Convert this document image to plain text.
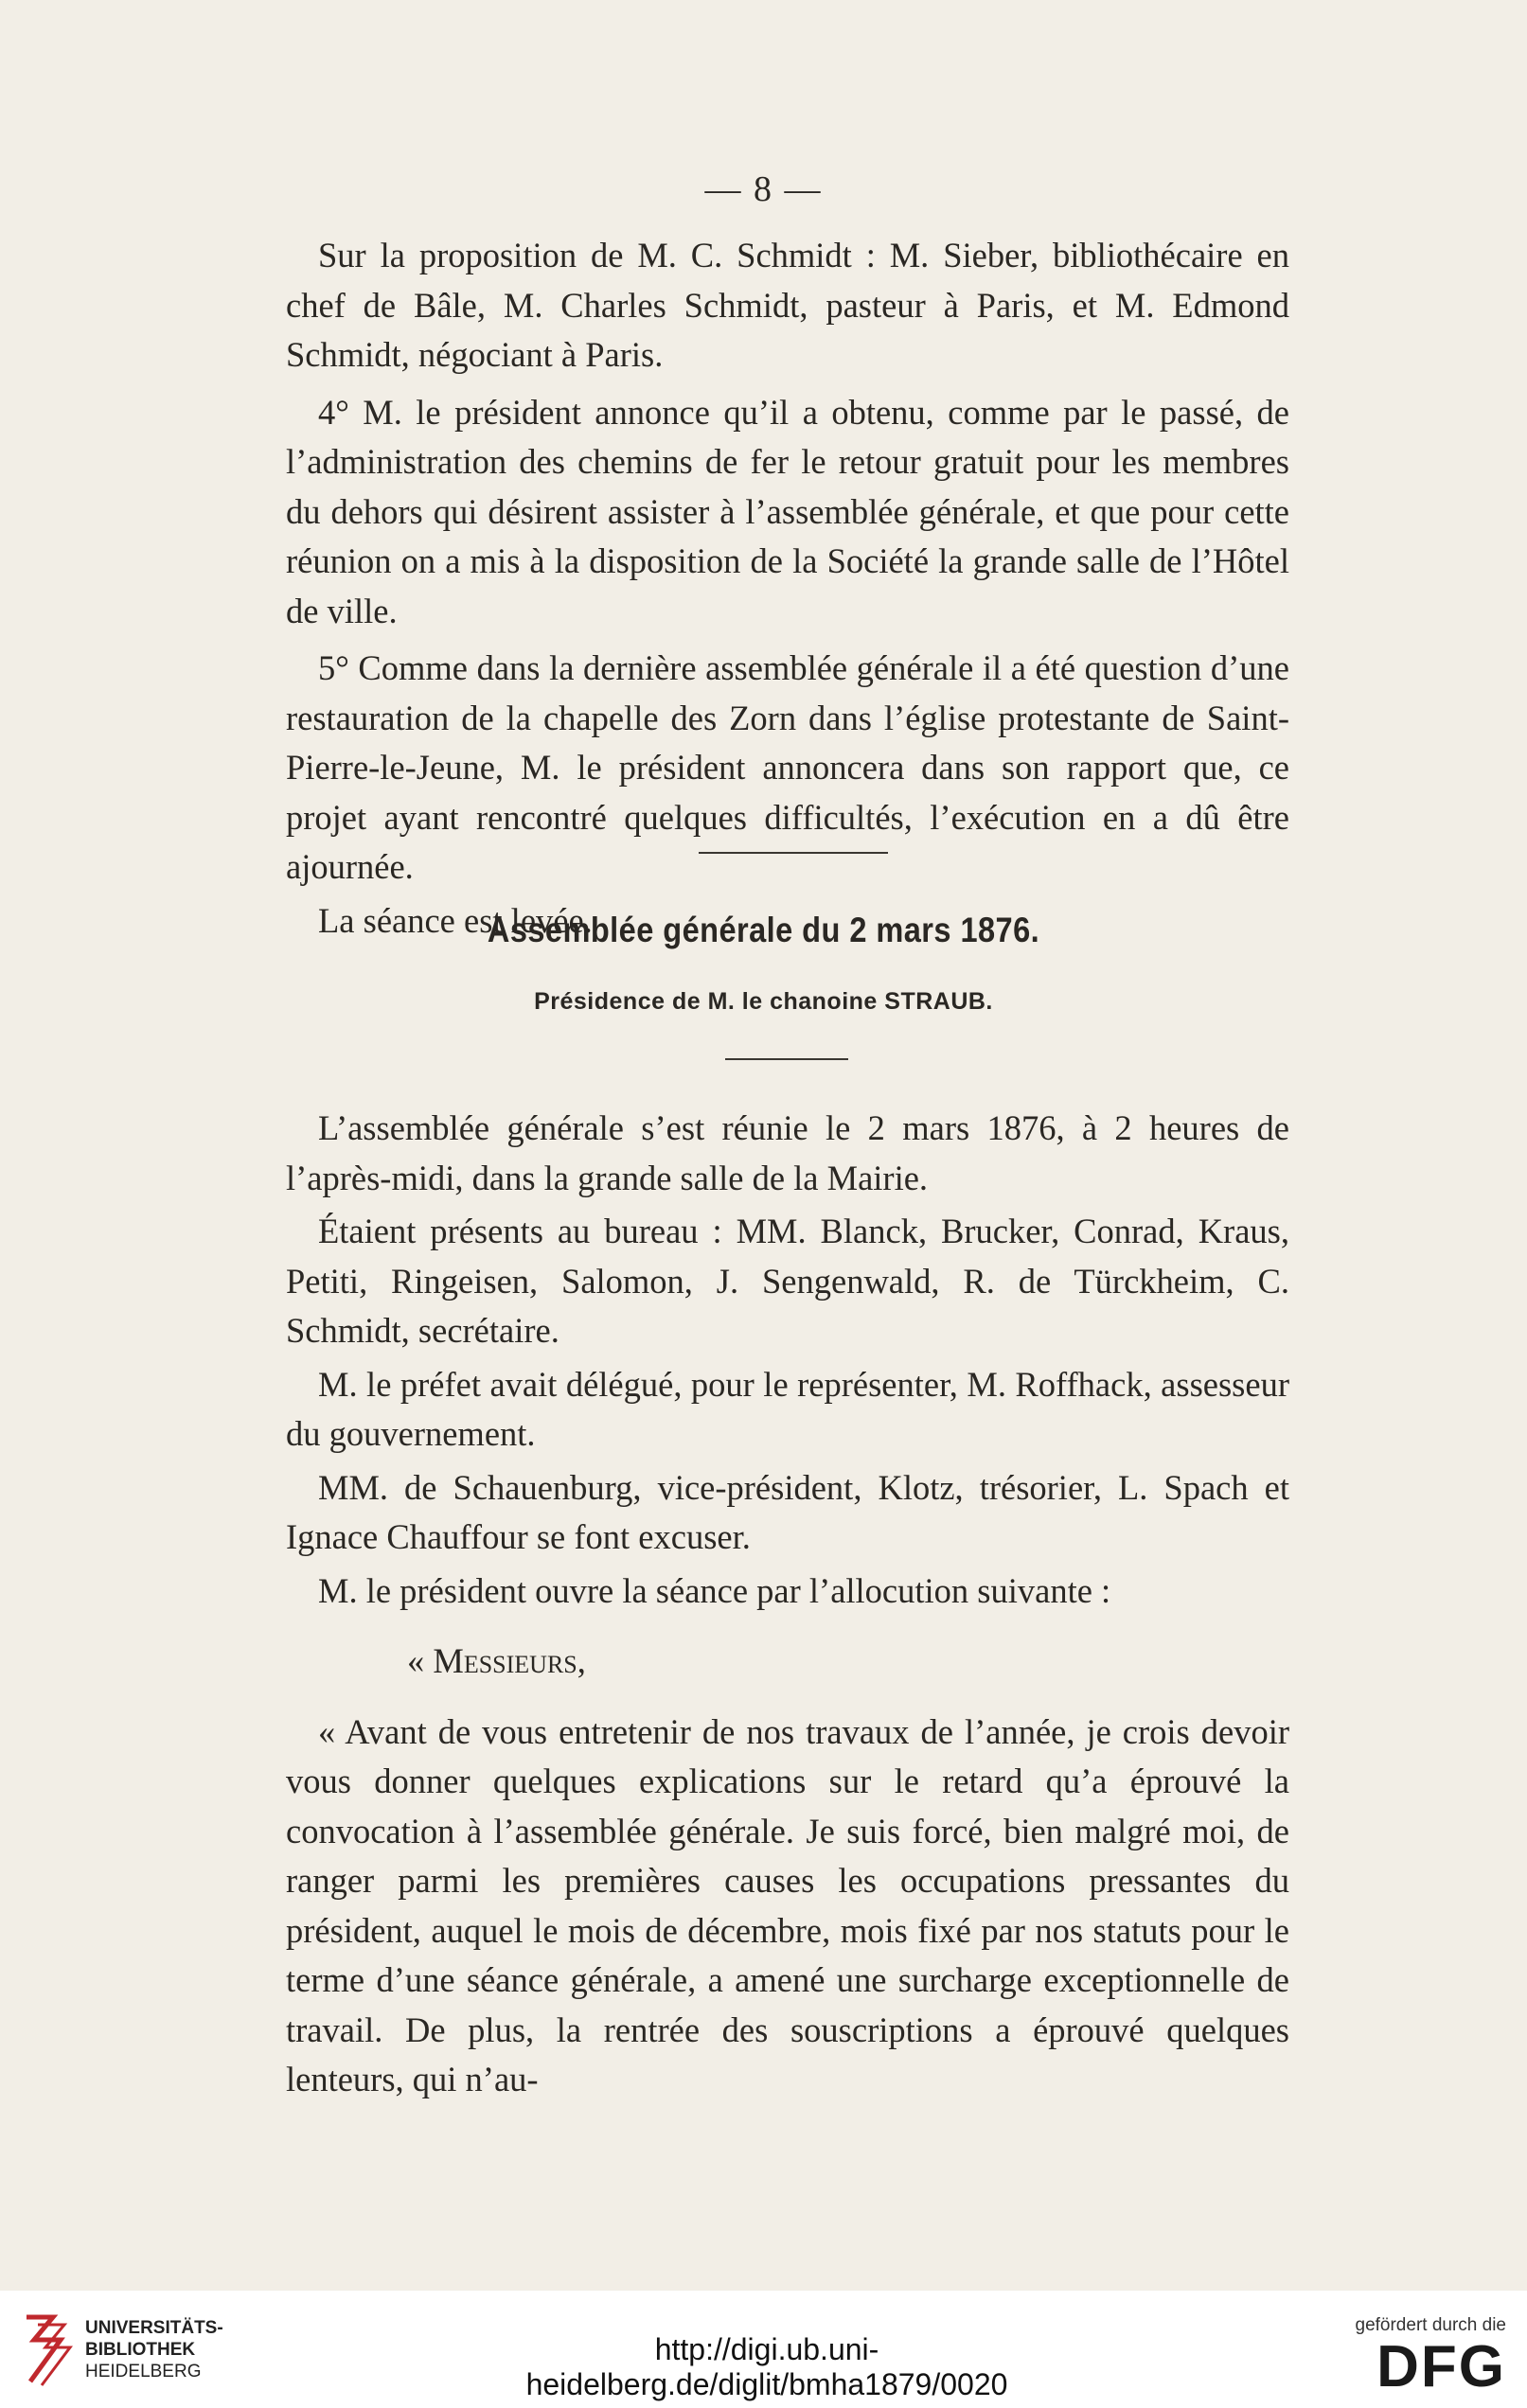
— 8 —

Sur la proposition de M. C. Schmidt : M. Sieber, bibliothécaire en chef de Bâle, M. Charles Schmidt, pasteur à Paris, et M. Edmond Schmidt, négociant à Paris.

4° M. le président annonce qu’il a obtenu, comme par le passé, de l’administration des chemins de fer le retour gratuit pour les membres du dehors qui désirent assister à l’assemblée générale, et que pour cette réunion on a mis à la disposition de la Société la grande salle de l’Hôtel de ville.

5° Comme dans la dernière assemblée générale il a été question d’une restauration de la chapelle des Zorn dans l’église protestante de Saint-Pierre-le-Jeune, M. le président annoncera dans son rapport que, ce projet ayant rencontré quelques difficultés, l’exécution en a dû être ajournée.

La séance est levée.

Assemblée générale du 2 mars 1876.
Présidence de M. le chanoine STRAUB.

L’assemblée générale s’est réunie le 2 mars 1876, à 2 heures de l’après-midi, dans la grande salle de la Mairie.

Étaient présents au bureau : MM. Blanck, Brucker, Conrad, Kraus, Petiti, Ringeisen, Salomon, J. Sengenwald, R. de Türckheim, C. Schmidt, secrétaire.

M. le préfet avait délégué, pour le représenter, M. Roffhack, assesseur du gouvernement.

MM. de Schauenburg, vice-président, Klotz, trésorier, L. Spach et Ignace Chauffour se font excuser.

M. le président ouvre la séance par l’allocution suivante :

« Messieurs,

« Avant de vous entretenir de nos travaux de l’année, je crois devoir vous donner quelques explications sur le retard qu’a éprouvé la convocation à l’assemblée générale. Je suis forcé, bien malgré moi, de ranger parmi les premières causes les occupations pressantes du président, auquel le mois de décembre, mois fixé par nos statuts pour le terme d’une séance générale, a amené une surcharge exceptionnelle de travail. De plus, la rentrée des souscriptions a éprouvé quelques lenteurs, qui n’au-

UNIVERSITÄTS-
BIBLIOTHEK
HEIDELBERG
http://digi.ub.uni-heidelberg.de/diglit/bmha1879/0020
gefördert durch die
DFG
